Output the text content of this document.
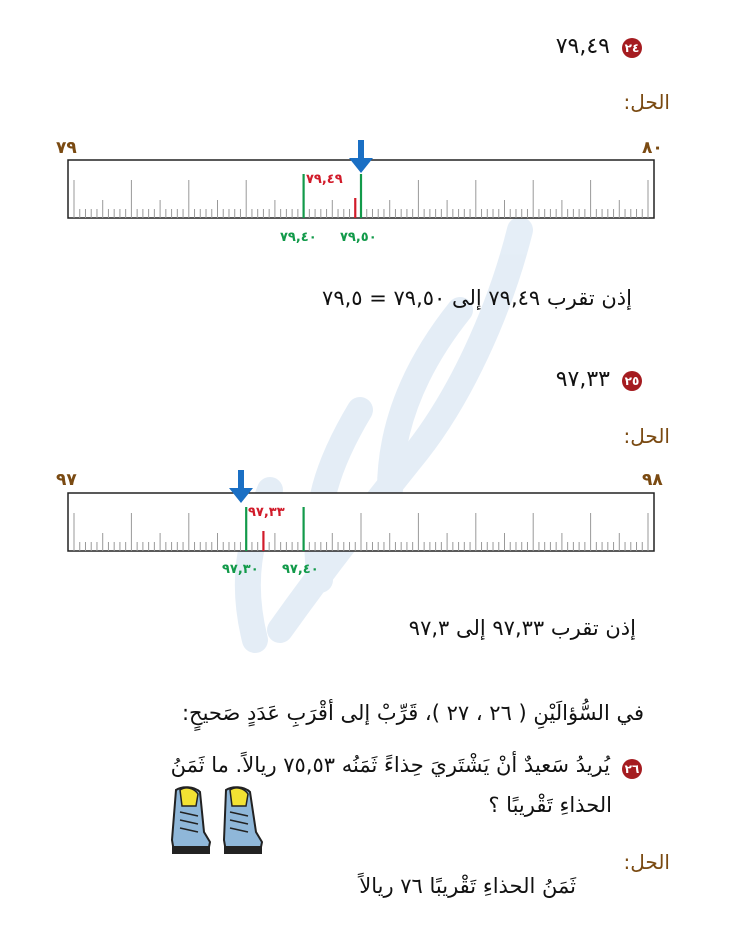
٢٤
٧٩,٤٩
الحل:
٧٩	٨٠
٧٩,٤٩
٧٩,٤٠ ٧٩,٥٠
إذن تقرب ٧٩,٤٩ إلى ٧٩,٥٠ = ٧٩,٥
٢٥
٩٧,٣٣
الحل:
٩٧	٩٨
٩٧,٣٣
٩٧,٣٠ ٩٧,٤٠
إذن تقرب ٩٧,٣٣ إلى ٩٧,٣
في السُّؤالَيْنِ ( ٢٦ ، ٢٧ )، قَرِّبْ إلى أقْرَبِ عَدَدٍ صَحيحٍ:
٢٦
يُريدُ سَعيدٌ أنْ يَشْتَريَ حِذاءً ثَمَنُه ٧٥,٥٣ ريالاً. ما ثَمَنُ
الحذاءِ تَقْريبًا ؟
الحل:
ثَمَنُ الحذاءِ تَقْريبًا ٧٦ ريالاً
